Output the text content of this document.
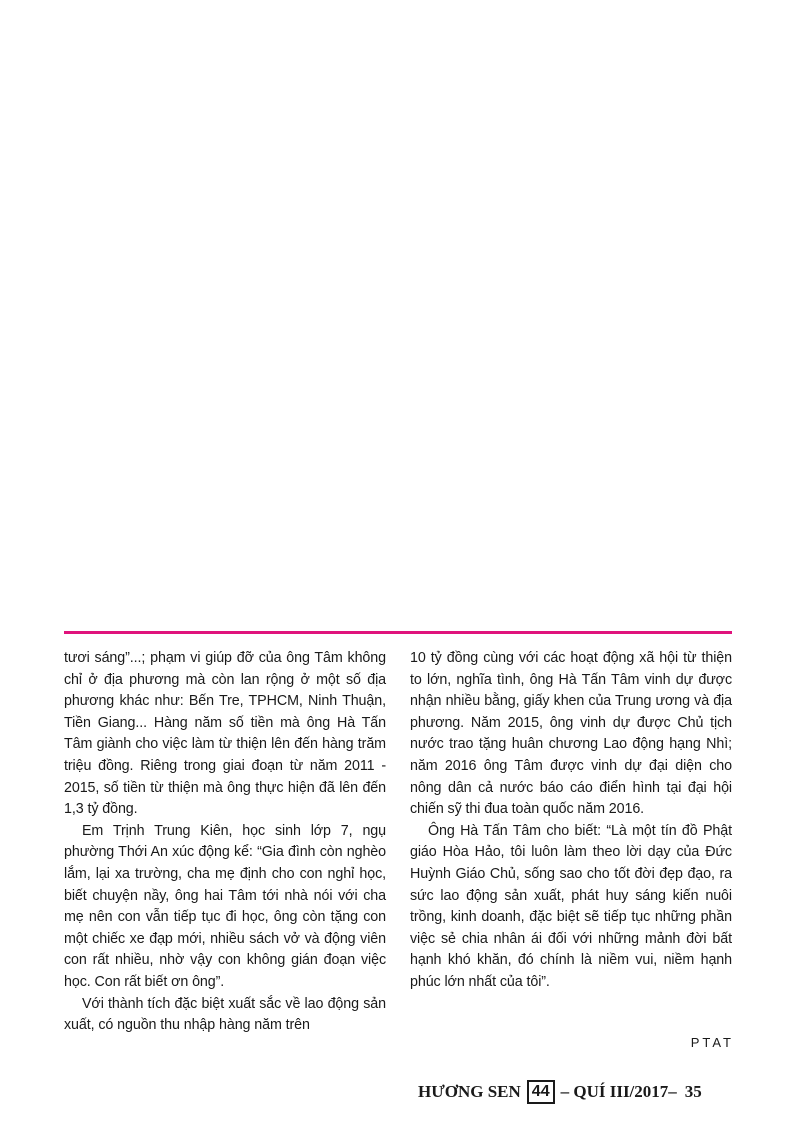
tươi sáng”...; phạm vi giúp đỡ của ông Tâm không chỉ ở địa phương mà còn lan rộng ở một số địa phương khác như: Bến Tre, TPHCM, Ninh Thuận, Tiền Giang... Hàng năm số tiền mà ông Hà Tấn Tâm giành cho việc làm từ thiện lên đến hàng trăm triệu đồng. Riêng trong giai đoạn từ năm 2011 - 2015, số tiền từ thiện mà ông thực hiện đã lên đến 1,3 tỷ đồng.

Em Trịnh Trung Kiên, học sinh lớp 7, ngụ phường Thới An xúc động kể: “Gia đình còn nghèo lắm, lại xa trường, cha mẹ định cho con nghỉ học, biết chuyện nầy, ông hai Tâm tới nhà nói với cha mẹ nên con vẫn tiếp tục đi học, ông còn tặng con một chiếc xe đạp mới, nhiều sách vở và động viên con rất nhiều, nhờ vậy con không gián đoạn việc học. Con rất biết ơn ông”.

Với thành tích đặc biệt xuất sắc về lao động sản xuất, có nguồn thu nhập hàng năm trên

10 tỷ đồng cùng với các hoạt động xã hội từ thiện to lớn, nghĩa tình, ông Hà Tấn Tâm vinh dự được nhận nhiều bằng, giấy khen của Trung ương và địa phương. Năm 2015, ông vinh dự được Chủ tịch nước trao tặng huân chương Lao động hạng Nhì; năm 2016 ông Tâm được vinh dự đại diện cho nông dân cả nước báo cáo điển hình tại đại hội chiến sỹ thi đua toàn quốc năm 2016.

Ông Hà Tấn Tâm cho biết: “Là một tín đồ Phật giáo Hòa Hảo, tôi luôn làm theo lời dạy của Đức Huỳnh Giáo Chủ, sống sao cho tốt đời đẹp đạo, ra sức lao động sản xuất, phát huy sáng kiến nuôi trồng, kinh doanh, đặc biệt sẽ tiếp tục những phần việc sẻ chia nhân ái đối với những mảnh đời bất hạnh khó khăn, đó chính là niềm vui, niềm hạnh phúc lớn nhất của tôi”.

PTAT
HƯƠNG SEN 44 – QUÍ III/2017– 35
